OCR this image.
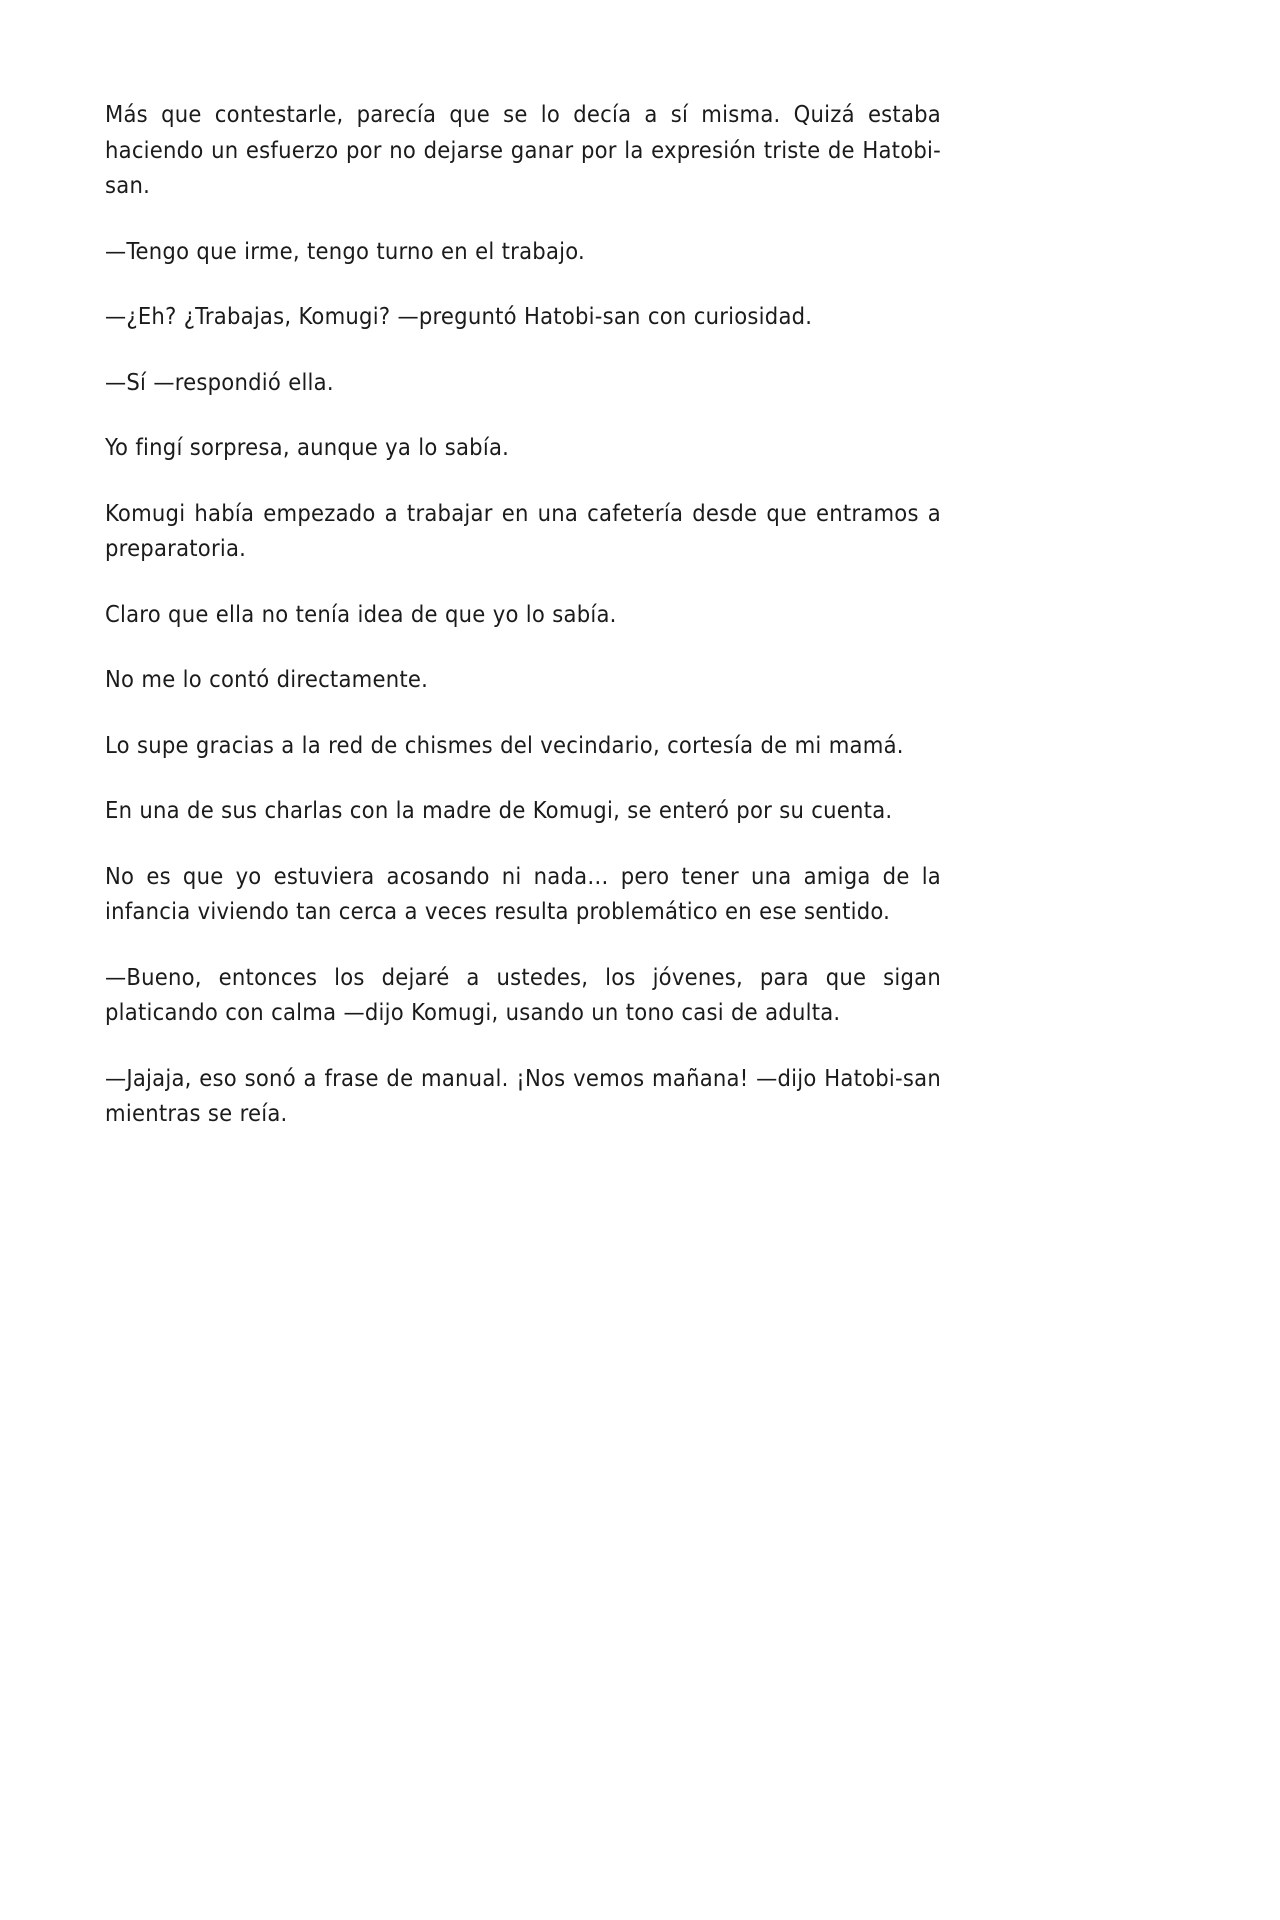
Más que contestarle, parecía que se lo decía a sí misma. Quizá estaba haciendo un esfuerzo por no dejarse ganar por la expresión triste de Hatobi-san.

—Tengo que irme, tengo turno en el trabajo.

—¿Eh? ¿Trabajas, Komugi? —preguntó Hatobi-san con curiosidad.

—Sí —respondió ella.

Yo fingí sorpresa, aunque ya lo sabía.

Komugi había empezado a trabajar en una cafetería desde que entramos a preparatoria.

Claro que ella no tenía idea de que yo lo sabía.

No me lo contó directamente.

Lo supe gracias a la red de chismes del vecindario, cortesía de mi mamá.

En una de sus charlas con la madre de Komugi, se enteró por su cuenta.

No es que yo estuviera acosando ni nada… pero tener una amiga de la infancia viviendo tan cerca a veces resulta problemático en ese sentido.

—Bueno, entonces los dejaré a ustedes, los jóvenes, para que sigan platicando con calma —dijo Komugi, usando un tono casi de adulta.

—Jajaja, eso sonó a frase de manual. ¡Nos vemos mañana! —dijo Hatobi-san mientras se reía.
